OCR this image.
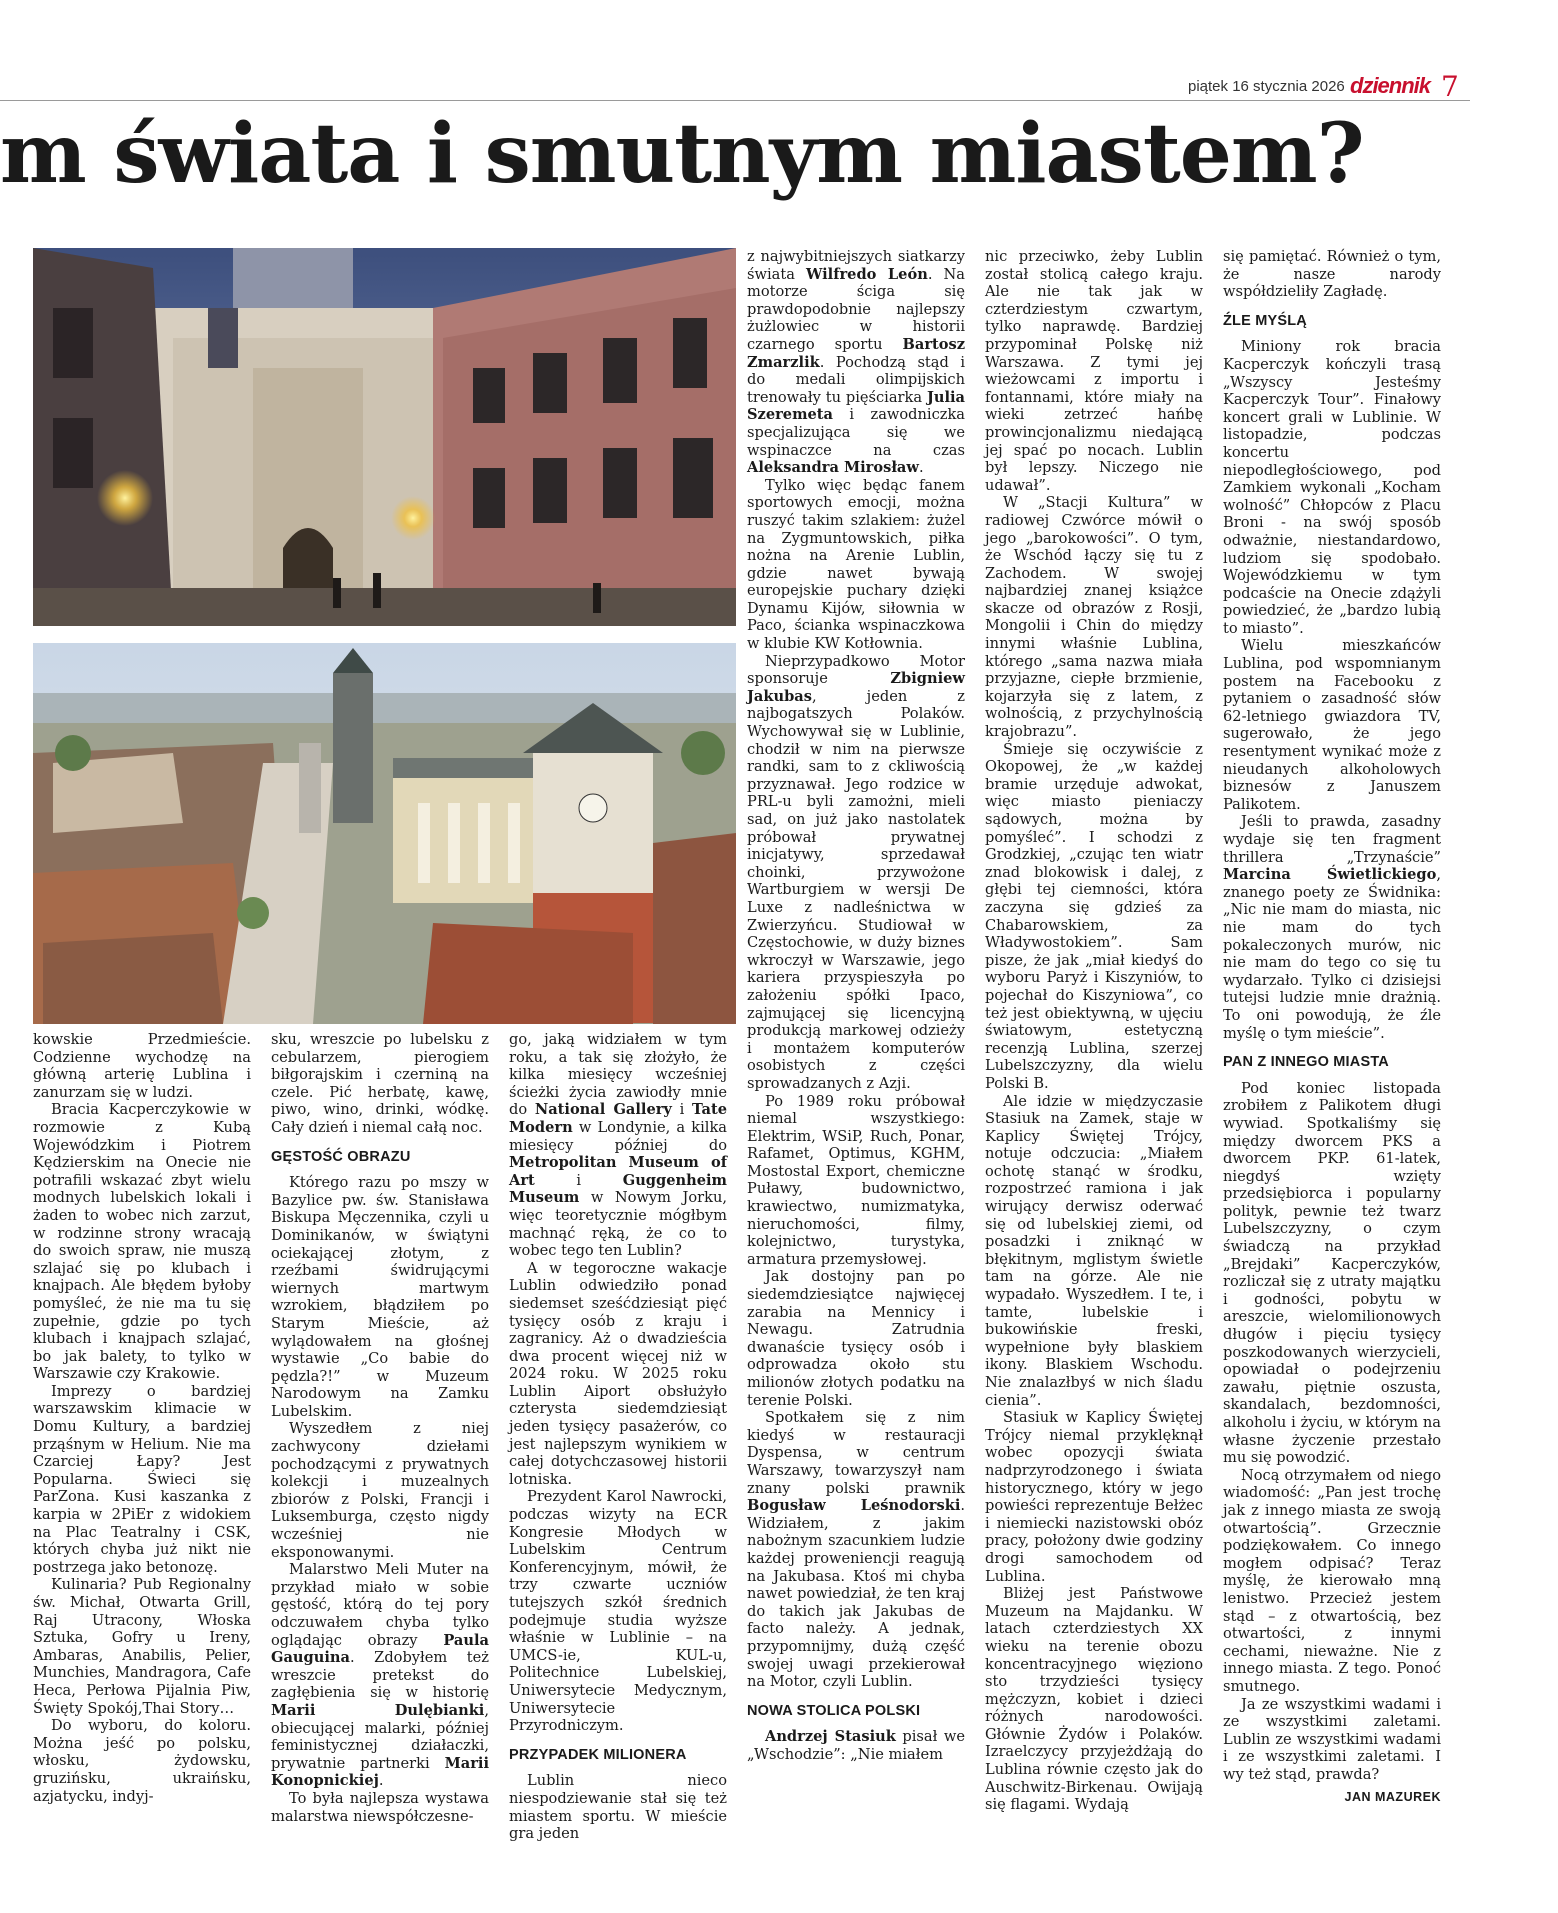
piątek 16 stycznia 2026 dziennik 7
m świata i smutnym miastem?

kowskie Przedmieście. Codzienne wychodzę na główną arterię Lublina i zanurzam się w ludzi.

Bracia Kacperczykowie w rozmowie z Kubą Wojewódzkim i Piotrem Kędzierskim na Onecie nie potrafili wskazać zbyt wielu modnych lubelskich lokali i żaden to wobec nich zarzut, w rodzinne strony wracają do swoich spraw, nie muszą szlajać się po klubach i knajpach. Ale błędem byłoby pomyśleć, że nie ma tu się zupełnie, gdzie po tych klubach i knajpach szlajać, bo jak balety, to tylko w Warszawie czy Krakowie.

Imprezy o bardziej warszawskim klimacie w Domu Kultury, a bardziej prząśnym w Helium. Nie ma Czarciej Łapy? Jest Popularna. Świeci się ParZona. Kusi kaszanka z karpia w 2PiEr z widokiem na Plac Teatralny i CSK, których chyba już nikt nie postrzega jako betonozę.

Kulinaria? Pub Regionalny św. Michał, Otwarta Grill, Raj Utracony, Włoska Sztuka, Gofry u Ireny, Ambaras, Anabilis, Pelier, Munchies, Mandragora, Cafe Heca, Perłowa Pijalnia Piw, Święty Spokój,Thai Story…

Do wyboru, do koloru. Można jeść po polsku, włosku, żydowsku, gruzińsku, ukraińsku, azjatycku, indyj-

sku, wreszcie po lubelsku z cebularzem, pierogiem biłgorajskim i czerniną na czele. Pić herbatę, kawę, piwo, wino, drinki, wódkę. Cały dzień i niemal całą noc.

GĘSTOŚĆ OBRAZU

Którego razu po mszy w Bazylice pw. św. Stanisława Biskupa Męczennika, czyli u Dominikanów, w świątyni ociekającej złotym, z rzeźbami świdrującymi wiernych martwym wzrokiem, błądziłem po Starym Mieście, aż wylądowałem na głośnej wystawie „Co babie do pędzla?!” w Muzeum Narodowym na Zamku Lubelskim.

Wyszedłem z niej zachwycony dziełami pochodzącymi z prywatnych kolekcji i muzealnych zbiorów z Polski, Francji i Luksemburga, często nigdy wcześniej nie eksponowanymi.

Malarstwo Meli Muter na przykład miało w sobie gęstość, którą do tej pory odczuwałem chyba tylko oglądając obrazy Paula Gauguina. Zdobyłem też wreszcie pretekst do zagłębienia się w historię Marii Dulębianki, obiecującej malarki, później feministycznej działaczki, prywatnie partnerki Marii Konopnickiej.

To była najlepsza wystawa malarstwa niewspółczesne-

go, jaką widziałem w tym roku, a tak się złożyło, że kilka miesięcy wcześniej ścieżki życia zawiodły mnie do National Gallery i Tate Modern w Londynie, a kilka miesięcy później do Metropolitan Museum of Art i Guggenheim Museum w Nowym Jorku, więc teoretycznie mógłbym machnąć ręką, że co to wobec tego ten Lublin?

A w tegoroczne wakacje Lublin odwiedziło ponad siedemset sześćdziesiąt pięć tysięcy osób z kraju i zagranicy. Aż o dwadzieścia dwa procent więcej niż w 2024 roku. W 2025 roku Lublin Aiport obsłużyło czterysta siedemdziesiąt jeden tysięcy pasażerów, co jest najlepszym wynikiem w całej dotychczasowej historii lotniska.

Prezydent Karol Nawrocki, podczas wizyty na ECR Kongresie Młodych w Lubelskim Centrum Konferencyjnym, mówił, że trzy czwarte uczniów tutejszych szkół średnich podejmuje studia wyższe właśnie w Lublinie – na UMCS-ie, KUL-u, Politechnice Lubelskiej, Uniwersytecie Medycznym, Uniwersytecie Przyrodniczym.

PRZYPADEK MILIONERA

Lublin nieco niespodziewanie stał się też miastem sportu. W mieście gra jeden

z najwybitniejszych siatkarzy świata Wilfredo León. Na motorze ściga się prawdopodobnie najlepszy żużlowiec w historii czarnego sportu Bartosz Zmarzlik. Pochodzą stąd i do medali olimpijskich trenowały tu pięściarka Julia Szeremeta i zawodniczka specjalizująca się we wspinaczce na czas Aleksandra Mirosław.

Tylko więc będąc fanem sportowych emocji, można ruszyć takim szlakiem: żużel na Zygmuntowskich, piłka nożna na Arenie Lublin, gdzie nawet bywają europejskie puchary dzięki Dynamu Kijów, siłownia w Paco, ścianka wspinaczkowa w klubie KW Kotłownia.

Nieprzypadkowo Motor sponsoruje Zbigniew Jakubas, jeden z najbogatszych Polaków. Wychowywał się w Lublinie, chodził w nim na pierwsze randki, sam to z ckliwością przyznawał. Jego rodzice w PRL-u byli zamożni, mieli sad, on już jako nastolatek próbował prywatnej inicjatywy, sprzedawał choinki, przywożone Wartburgiem w wersji De Luxe z nadleśnictwa w Zwierzyńcu. Studiował w Częstochowie, w duży biznes wkroczył w Warszawie, jego kariera przyspieszyła po założeniu spółki Ipaco, zajmującej się licencyjną produkcją markowej odzieży i montażem komputerów osobistych z części sprowadzanych z Azji.

Po 1989 roku próbował niemal wszystkiego: Elektrim, WSiP, Ruch, Ponar, Rafamet, Optimus, KGHM, Mostostal Export, chemiczne Puławy, budownictwo, krawiectwo, numizmatyka, nieruchomości, filmy, kolejnictwo, turystyka, armatura przemysłowej.

Jak dostojny pan po siedemdziesiątce najwięcej zarabia na Mennicy i Newagu. Zatrudnia dwanaście tysięcy osób i odprowadza około stu milionów złotych podatku na terenie Polski.

Spotkałem się z nim kiedyś w restauracji Dyspensa, w centrum Warszawy, towarzyszył nam znany polski prawnik Bogusław Leśnodorski. Widziałem, z jakim nabożnym szacunkiem ludzie każdej proweniencji reagują na Jakubasa. Ktoś mi chyba nawet powiedział, że ten kraj do takich jak Jakubas de facto należy. A jednak, przypomnijmy, dużą część swojej uwagi przekierował na Motor, czyli Lublin.

NOWA STOLICA POLSKI

Andrzej Stasiuk pisał we „Wschodzie”: „Nie miałem

nic przeciwko, żeby Lublin został stolicą całego kraju. Ale nie tak jak w czterdziestym czwartym, tylko naprawdę. Bardziej przypominał Polskę niż Warszawa. Z tymi jej wieżowcami z importu i fontannami, które miały na wieki zetrzeć hańbę prowincjonalizmu niedającą jej spać po nocach. Lublin był lepszy. Niczego nie udawał”.

W „Stacji Kultura” w radiowej Czwórce mówił o jego „barokowości”. O tym, że Wschód łączy się tu z Zachodem. W swojej najbardziej znanej książce skacze od obrazów z Rosji, Mongolii i Chin do między innymi właśnie Lublina, którego „sama nazwa miała przyjazne, ciepłe brzmienie, kojarzyła się z latem, z wolnością, z przychylnością krajobrazu”.

Śmieje się oczywiście z Okopowej, że „w każdej bramie urzęduje adwokat, więc miasto pieniaczy sądowych, można by pomyśleć”. I schodzi z Grodzkiej, „czując ten wiatr znad blokowisk i dalej, z głębi tej ciemności, która zaczyna się gdzieś za Chabarowskiem, za Władywostokiem”. Sam pisze, że jak „miał kiedyś do wyboru Paryż i Kiszyniów, to pojechał do Kiszyniowa”, co też jest obiektywną, w ujęciu światowym, estetyczną recenzją Lublina, szerzej Lubelszczyzny, dla wielu Polski B.

Ale idzie w międzyczasie Stasiuk na Zamek, staje w Kaplicy Świętej Trójcy, notuje odczucia: „Miałem ochotę stanąć w środku, rozpostrzeć ramiona i jak wirujący derwisz oderwać się od lubelskiej ziemi, od posadzki i zniknąć w błękitnym, mglistym świetle tam na górze. Ale nie wypadało. Wyszedłem. I te, i tamte, lubelskie i bukowińskie freski, wypełnione były blaskiem ikony. Blaskiem Wschodu. Nie znalazłbyś w nich śladu cienia”.

Stasiuk w Kaplicy Świętej Trójcy niemal przyklęknął wobec opozycji świata nadprzyrodzonego i świata historycznego, który w jego powieści reprezentuje Bełżec i niemiecki nazistowski obóz pracy, położony dwie godziny drogi samochodem od Lublina.

Bliżej jest Państwowe Muzeum na Majdanku. W latach czterdziestych XX wieku na terenie obozu koncentracyjnego więziono sto trzydzieści tysięcy mężczyzn, kobiet i dzieci różnych narodowości. Głównie Żydów i Polaków. Izraelczycy przyjeżdżają do Lublina równie często jak do Auschwitz-Birkenau. Owijają się flagami. Wydają

się pamiętać. Również o tym, że nasze narody współdzieliły Zagładę.

ŹLE MYŚLĄ

Miniony rok bracia Kacperczyk kończyli trasą „Wszyscy Jesteśmy Kacperczyk Tour”. Finałowy koncert grali w Lublinie. W listopadzie, podczas koncertu niepodległościowego, pod Zamkiem wykonali „Kocham wolność” Chłopców z Placu Broni - na swój sposób odważnie, niestandardowo, ludziom się spodobało. Wojewódzkiemu w tym podcaście na Onecie zdążyli powiedzieć, że „bardzo lubią to miasto”.

Wielu mieszkańców Lublina, pod wspomnianym postem na Facebooku z pytaniem o zasadność słów 62-letniego gwiazdora TV, sugerowało, że jego resentyment wynikać może z nieudanych alkoholowych biznesów z Januszem Palikotem.

Jeśli to prawda, zasadny wydaje się ten fragment thrillera „Trzynaście” Marcina Świetlickiego, znanego poety ze Świdnika: „Nic nie mam do miasta, nic nie mam do tych pokaleczonych murów, nic nie mam do tego co się tu wydarzało. Tylko ci dzisiejsi tutejsi ludzie mnie drażnią. To oni powodują, że źle myślę o tym mieście”.

PAN Z INNEGO MIASTA

Pod koniec listopada zrobiłem z Palikotem długi wywiad. Spotkaliśmy się między dworcem PKS a dworcem PKP. 61-latek, niegdyś wzięty przedsiębiorca i popularny polityk, pewnie też twarz Lubelszczyzny, o czym świadczą na przykład „Brejdaki” Kacperczyków, rozliczał się z utraty majątku i godności, pobytu w areszcie, wielomilionowych długów i pięciu tysięcy poszkodowanych wierzycieli, opowiadał o podejrzeniu zawału, piętnie oszusta, skandalach, bezdomności, alkoholu i życiu, w którym na własne życzenie przestało mu się powodzić.

Nocą otrzymałem od niego wiadomość: „Pan jest trochę jak z innego miasta ze swoją otwartością”. Grzecznie podziękowałem. Co innego mogłem odpisać? Teraz myślę, że kierowało mną lenistwo. Przecież jestem stąd – z otwartością, bez otwartości, z innymi cechami, nieważne. Nie z innego miasta. Z tego. Ponoć smutnego.

Ja ze wszystkimi wadami i ze wszystkimi zaletami. Lublin ze wszystkimi wadami i ze wszystkimi zaletami. I wy też stąd, prawda?

JAN MAZUREK
